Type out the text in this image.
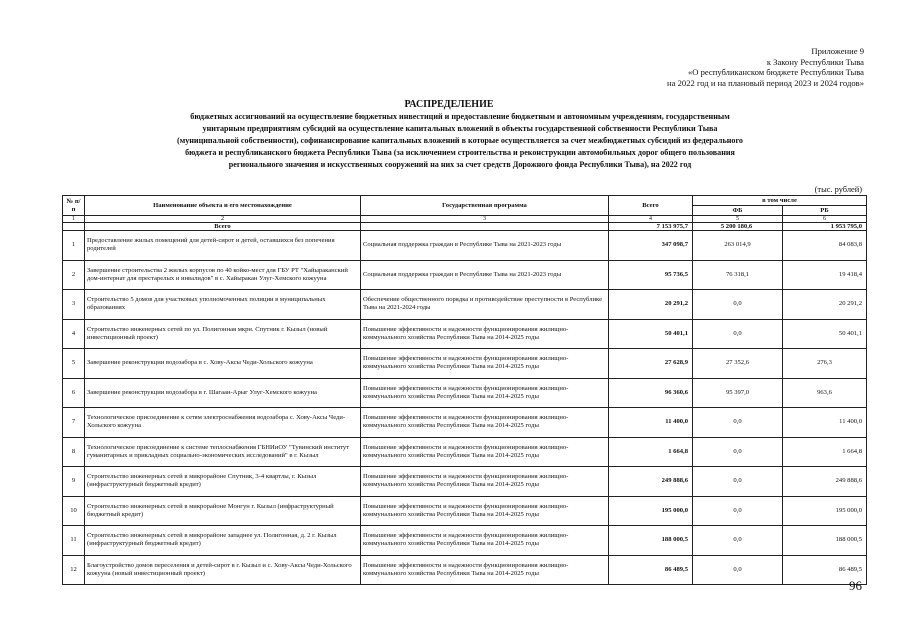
Приложение 9
к Закону Республики Тыва
«О республиканском бюджете Республики Тыва
на 2022 год и на плановый период 2023 и 2024 годов»
РАСПРЕДЕЛЕНИЕ
бюджетных ассигнований на осуществление бюджетных инвестиций и предоставление бюджетным и автономным учреждениям, государственным
унитарным предприятиям субсидий на осуществление капитальных вложений в объекты государственной собственности Республики Тыва
(муниципальной собственности), софинансирование капитальных вложений в которые осуществляется за счет межбюджетных субсидий из федерального
бюджета и республиканского бюджета Республики Тыва (за исключением строительства и реконструкции автомобильных дорог общего пользования
регионального значения и искусственных сооружений на них за счет средств Дорожного фонда Республики Тыва), на 2022 год
(тыс. рублей)
№ п/п	Наименование объекта и его местонахождение	Государственная программа	Всего	в том числе	
				ФБ	РБ
1	2	3	4	5	6
	Всего		7 153 975,7	5 200 180,6	1 953 795,0
1	Предоставление жилых помещений для детей-сирот и детей, оставшихся без попечения родителей	Социальная поддержка граждан в Республике Тыва на 2021-2023 годы	347 098,7	263 014,9	84 083,8
2	Завершение строительства 2 жилых корпусов по 40 койко-мест для ГБУ РТ "Хайыраканский дом-интернат для престарелых и инвалидов" в с. Хайыракан Улуг-Хемского кожууна	Социальная поддержка граждан в Республике Тыва на 2021-2023 годы	95 736,5	76 318,1	19 418,4
3	Строительство 5 домов для участковых уполномоченных полиции в муниципальных образованиях	Обеспечение общественного порядка и противодействие преступности в Республике Тыва на 2021-2024 годы	20 291,2	0,0	20 291,2
4	Строительство инженерных сетей по ул. Полигонная мкрн. Спутник г. Кызыл (новый инвестиционный проект)	Повышение эффективности и надежности функционирования жилищно-коммунального хозяйства Республики Тыва на 2014-2025 годы	50 401,1	0,0	50 401,1
5	Завершение реконструкции водозабора в с. Хову-Аксы Чеди-Хольского кожууна	Повышение эффективности и надежности функционирования жилищно-коммунального хозяйства Республики Тыва на 2014-2025 годы	27 628,9	27 352,6	276,3
6	Завершение реконструкции водозабора в г. Шагаан-Арыг Улуг-Хемского кожууна	Повышение эффективности и надежности функционирования жилищно-коммунального хозяйства Республики Тыва на 2014-2025 годы	96 360,6	95 397,0	963,6
7	Технологическое присоединение к сетям электроснабжения водозабора с. Хову-Аксы Чеди-Хольского кожууна	Повышение эффективности и надежности функционирования жилищно-коммунального хозяйства Республики Тыва на 2014-2025 годы	11 400,0	0,0	11 400,0
8	Технологическое присоединение к системе теплоснабжения ГБНИиОУ "Тувинский институт гуманитарных и прикладных социально-экономических исследований" в г. Кызыл	Повышение эффективности и надежности функционирования жилищно-коммунального хозяйства Республики Тыва на 2014-2025 годы	1 664,8	0,0	1 664,8
9	Строительство инженерных сетей в микрорайоне Спутник, 3-4 квартлы, г. Кызыл (инфраструктурный бюджетный кредит)	Повышение эффективности и надежности функционирования жилищно-коммунального хозяйства Республики Тыва на 2014-2025 годы	249 888,6	0,0	249 888,6
10	Строительство инженерных сетей в микрорайоне Монгун г. Кызыл (инфраструктурный бюджетный кредит)	Повышение эффективности и надежности функционирования жилищно-коммунального хозяйства Республики Тыва на 2014-2025 годы	195 000,0	0,0	195 000,0
11	Строительство инженерных сетей в микрорайоне западнее ул. Полигонная, д. 2 г. Кызыл (инфраструктурный бюджетный кредит)	Повышение эффективности и надежности функционирования жилищно-коммунального хозяйства Республики Тыва на 2014-2025 годы	188 000,5	0,0	188 000,5
12	Благоустройство домов переселения и детей-сирот в г. Кызыл и с. Хову-Аксы Чеди-Хольского кожууна (новый инвестиционный проект)	Повышение эффективности и надежности функционирования жилищно-коммунального хозяйства Республики Тыва на 2014-2025 годы	86 489,5	0,0	86 489,5
96
